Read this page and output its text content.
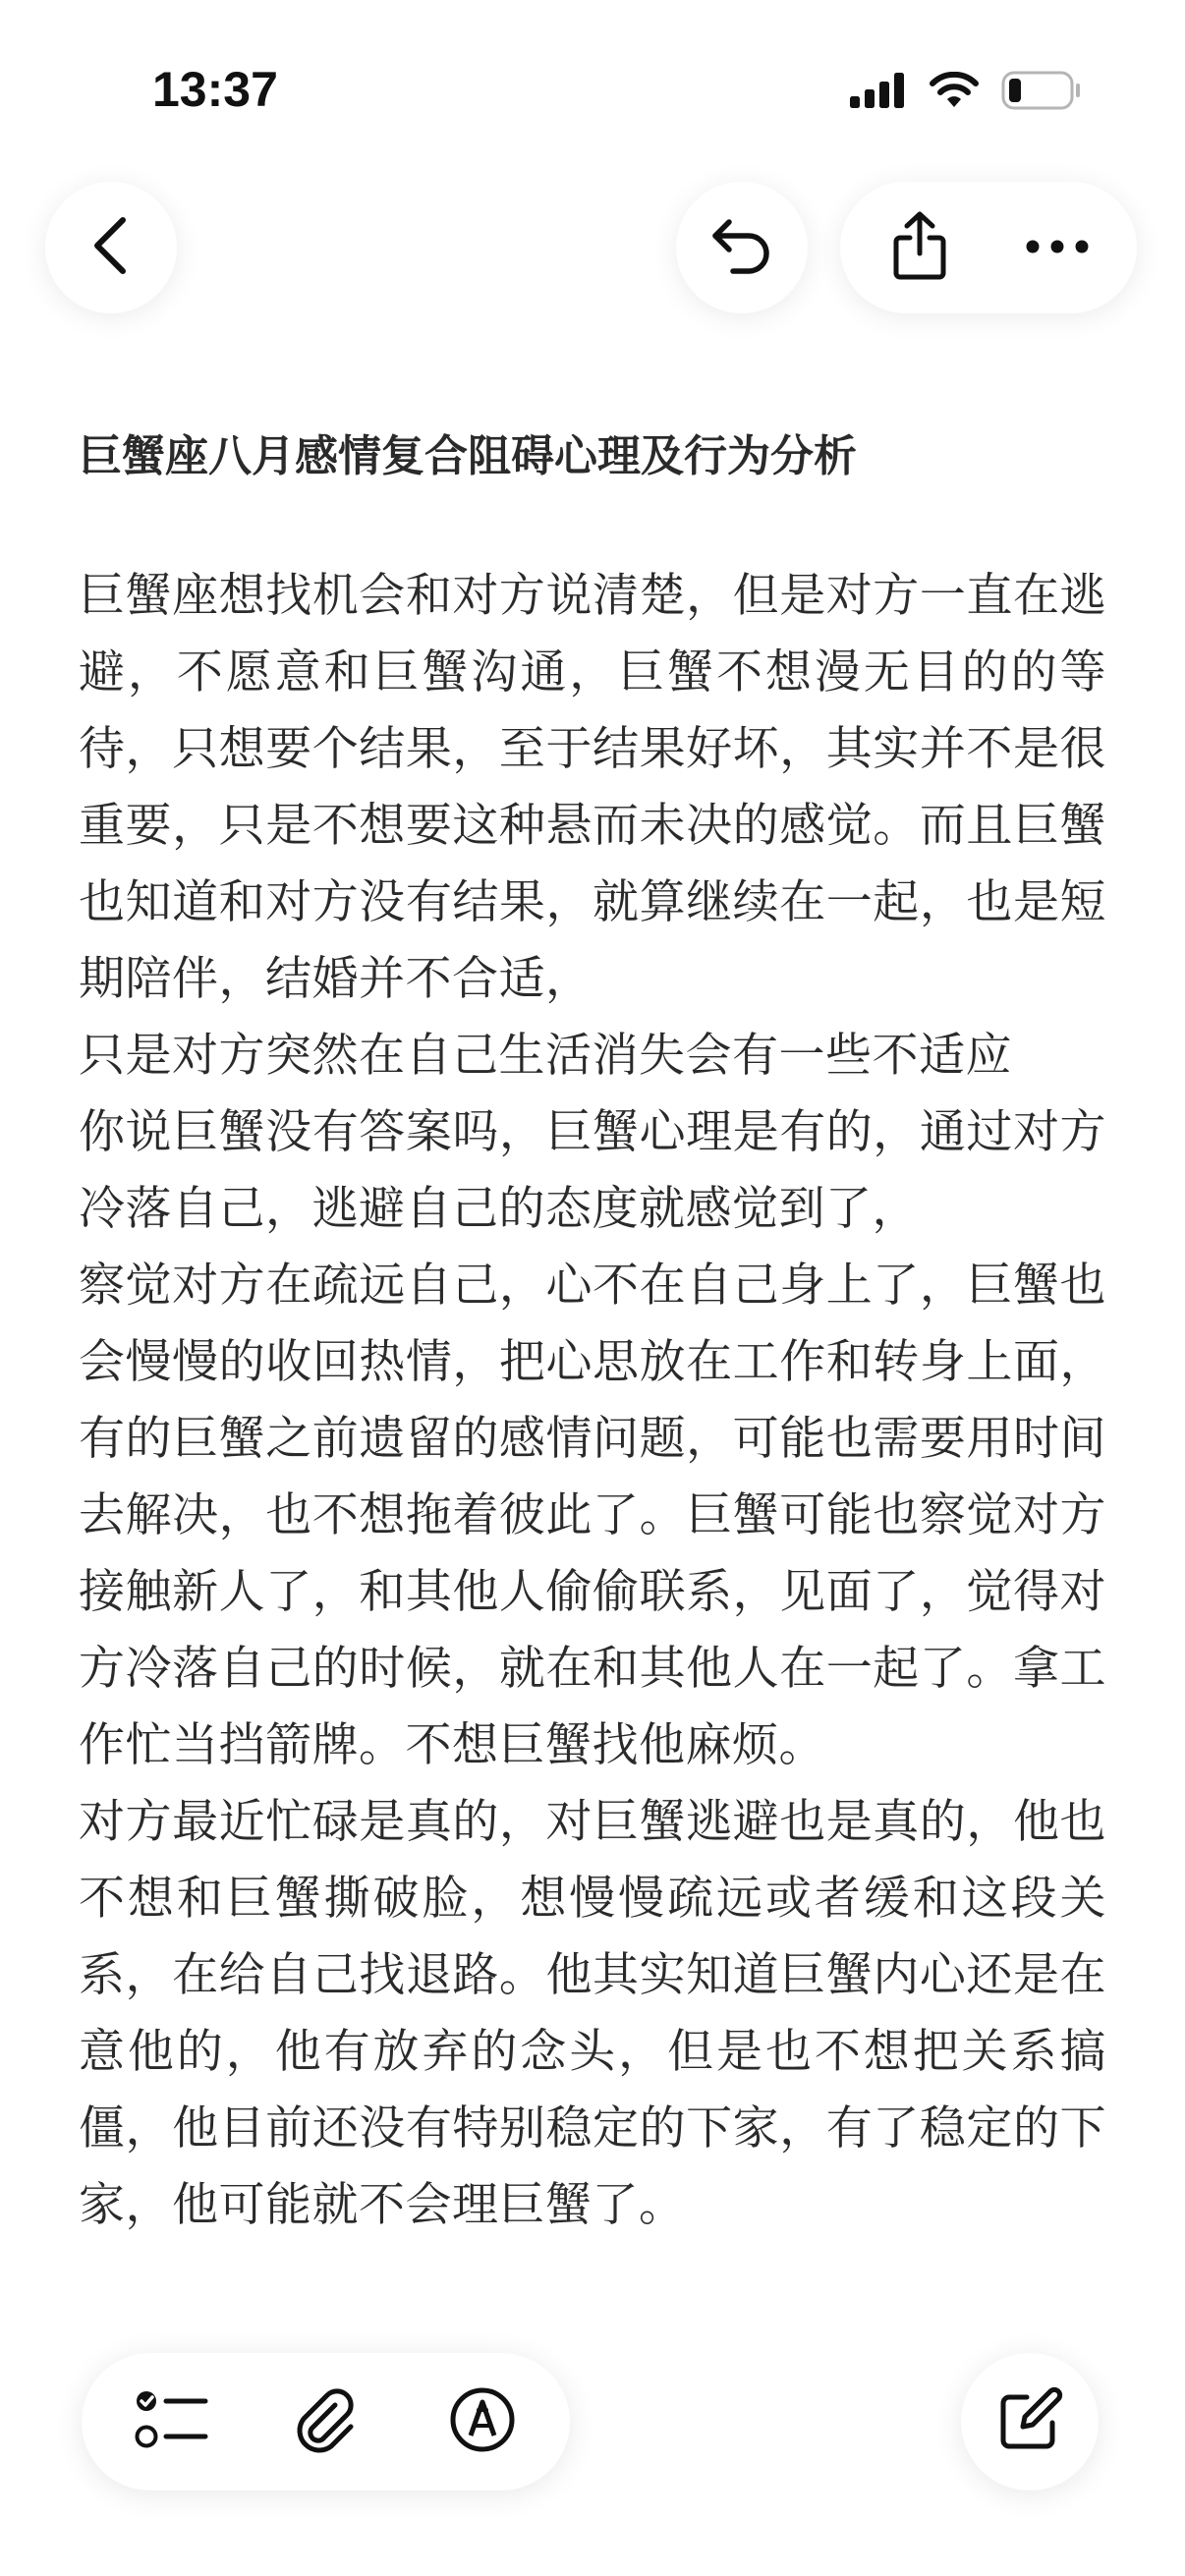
13:37
巨蟹座八月感情复合阻碍心理及行为分析

巨蟹座想找机会和对方说清楚，但是对方一直在逃避，不愿意和巨蟹沟通，巨蟹不想漫无目的的等待，只想要个结果，至于结果好坏，其实并不是很重要，只是不想要这种悬而未决的感觉。而且巨蟹也知道和对方没有结果，就算继续在一起，也是短期陪伴，结婚并不合适，

只是对方突然在自己生活消失会有一些不适应

你说巨蟹没有答案吗，巨蟹心理是有的，通过对方冷落自己，逃避自己的态度就感觉到了，

察觉对方在疏远自己，心不在自己身上了，巨蟹也会慢慢的收回热情，把心思放在工作和转身上面，有的巨蟹之前遗留的感情问题，可能也需要用时间去解决，也不想拖着彼此了。巨蟹可能也察觉对方接触新人了，和其他人偷偷联系，见面了，觉得对方冷落自己的时候，就在和其他人在一起了。拿工作忙当挡箭牌。不想巨蟹找他麻烦。

对方最近忙碌是真的，对巨蟹逃避也是真的，他也不想和巨蟹撕破脸，想慢慢疏远或者缓和这段关系，在给自己找退路。他其实知道巨蟹内心还是在意他的，他有放弃的念头，但是也不想把关系搞僵，他目前还没有特别稳定的下家，有了稳定的下家，他可能就不会理巨蟹了。
